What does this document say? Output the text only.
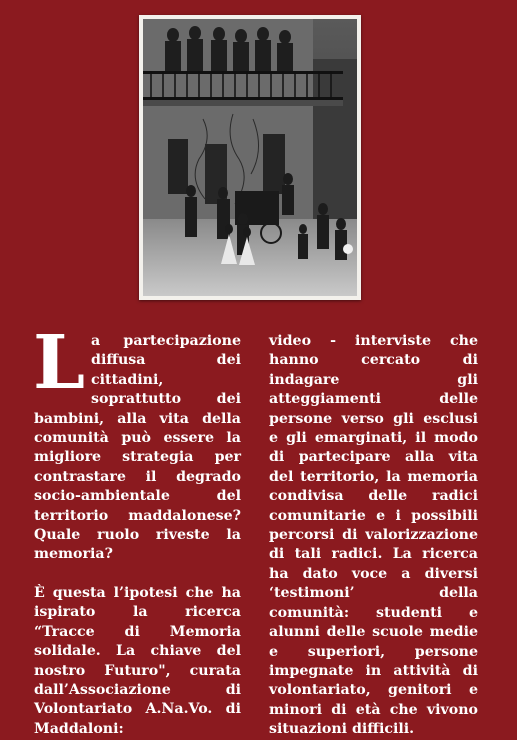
L a partecipazione diffusa dei cittadini, soprattutto dei bambini, alla vita della comunità può essere la migliore strategia per contrastare il degrado socio-ambientale del territorio maddalonese? Quale ruolo riveste la memoria?

È questa l’ipotesi che ha ispirato la ricerca “Tracce di Memoria solidale. La chiave del nostro Futuro", curata dall’Associazione di Volontariato A.Na.Vo. di Maddaloni:

video - interviste che hanno cercato di indagare gli atteggiamenti delle persone verso gli esclusi e gli emarginati, il modo di partecipare alla vita del territorio, la memoria condivisa delle radici comunitarie e i possibili percorsi di valorizzazione di tali radici. La ricerca ha dato voce a diversi ‘testimoni’ della comunità: studenti e alunni delle scuole medie e superiori, persone impegnate in attività di volontariato, genitori e minori di età che vivono situazioni difficili.
